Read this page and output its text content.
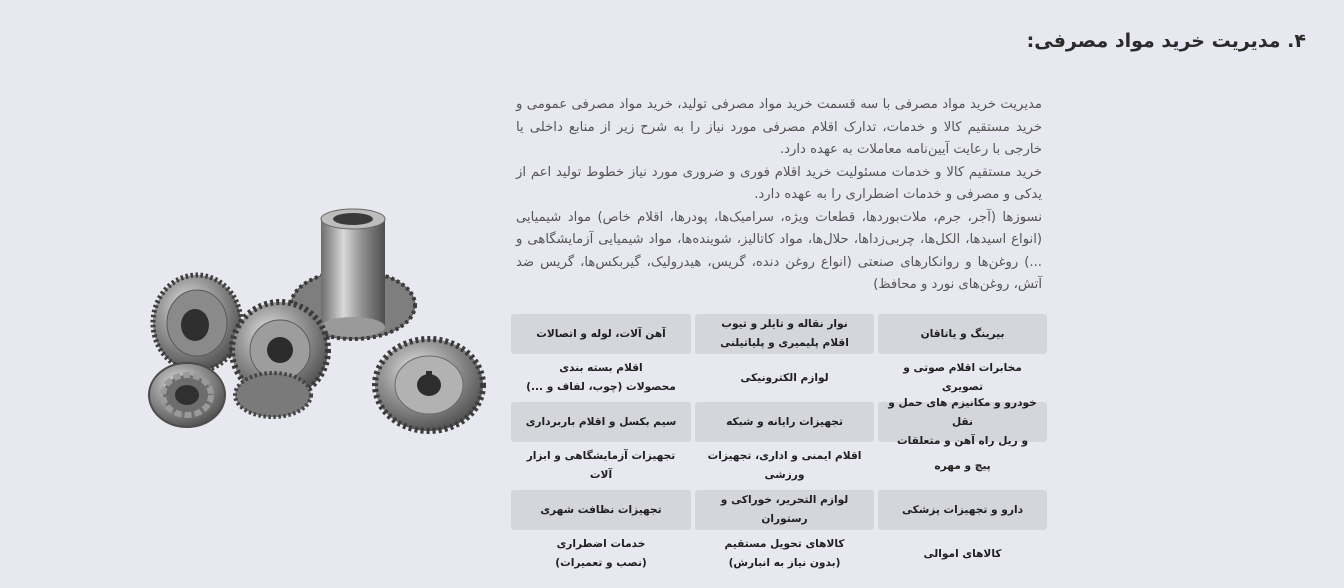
۴. مدیریت خرید مواد مصرفی:

مدیریت خرید مواد مصرفی با سه قسمت خرید مواد مصرفی تولید، خرید مواد مصرفی عمومی و خرید مستقیم کالا و خدمات، تدارک اقلام مصرفی مورد نیاز را به شرح زیر از منابع داخلی یا خارجی با رعایت آیین‌نامه معاملات به عهده دارد.

خرید مستقیم کالا و خدمات مسئولیت خرید اقلام فوری و ضروری مورد نیاز خطوط تولید اعم از یدکی و مصرفی و خدمات اضطراری را به عهده دارد.

نسوزها (آجر، جرم، ملات‌بوردها، قطعات ویژه، سرامیک‌ها، پودرها، اقلام خاص) مواد شیمیایی (انواع اسیدها، الکل‌ها، چربی‌زداها، حلال‌ها، مواد کاتالیز، شوینده‌ها، مواد شیمیایی آزمایشگاهی و ...) روغن‌ها و روانکارهای صنعتی (انواع روغن دنده، گریس، هیدرولیک، گیربکس‌ها، گریس ضد آتش، روغن‌های نورد و محافظ)

بیرینگ و یاتاقان
نوار نقاله و تایلر و تیوب
اقلام پلیمیری و پلیاتیلنی
آهن آلات، لوله و اتصالات
مخابرات اقلام صوتی و تصویری
لوازم الکترونیکی
اقلام بسته بندی
محصولات (چوب، لفاف و ...)
خودرو و مکانیزم های حمل و نقل
و ریل راه آهن و متعلقات
تجهیزات رایانه و شبکه
سیم بکسل و اقلام باربرداری
پیچ و مهره
اقلام ایمنی و اداری، تجهیزات ورزشی
تجهیزات آزمایشگاهی و ابزار آلات
دارو و تجهیزات پزشکی
لوازم التحریر، خوراکی و رستوران
تجهیزات نظافت شهری
کالاهای اموالی
کالاهای تحویل مستقیم
(بدون نیاز به انبارش)
خدمات اضطراری
(نصب و تعمیرات)
